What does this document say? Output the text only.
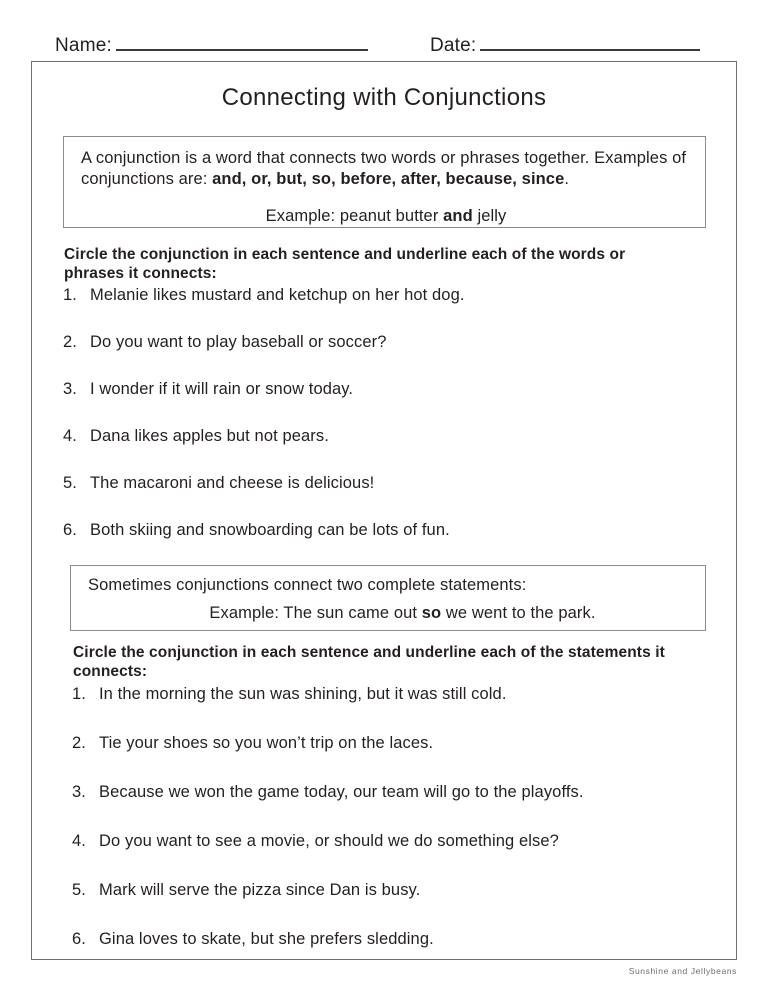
Name:	Date:
Connecting with Conjunctions
A conjunction is a word that connects two words or phrases together. Examples of conjunctions are: and, or, but, so, before, after, because, since.
Example: peanut butter and jelly
Circle the conjunction in each sentence and underline each of the words or phrases it connects:
1. Melanie likes mustard and ketchup on her hot dog.
2. Do you want to play baseball or soccer?
3. I wonder if it will rain or snow today.
4. Dana likes apples but not pears.
5. The macaroni and cheese is delicious!
6. Both skiing and snowboarding can be lots of fun.
Sometimes conjunctions connect two complete statements:
Example: The sun came out so we went to the park.
Circle the conjunction in each sentence and underline each of the statements it connects:
1. In the morning the sun was shining, but it was still cold.
2. Tie your shoes so you won’t trip on the laces.
3. Because we won the game today, our team will go to the playoffs.
4. Do you want to see a movie, or should we do something else?
5. Mark will serve the pizza since Dan is busy.
6. Gina loves to skate, but she prefers sledding.
Sunshine and Jellybeans
